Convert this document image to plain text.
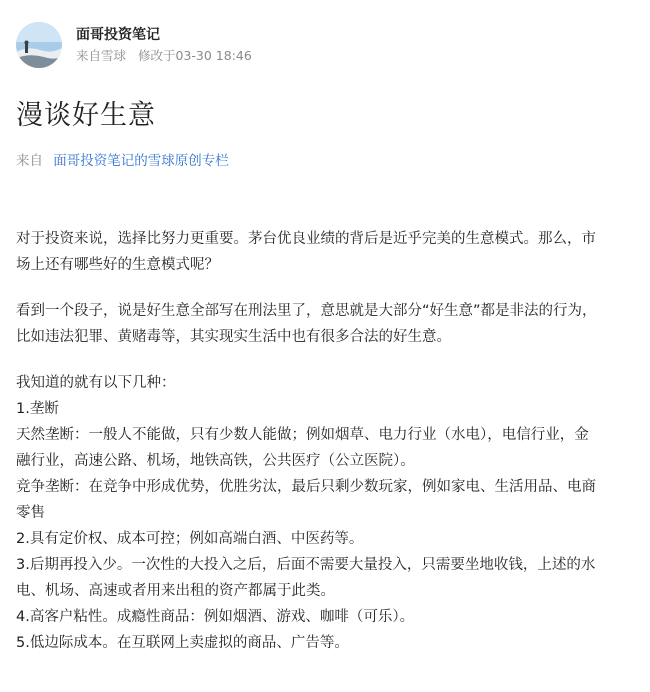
面哥投资笔记
来自雪球 修改于03-30 18:46
漫谈好生意
来自 面哥投资笔记的雪球原创专栏
对于投资来说，选择比努力更重要。茅台优良业绩的背后是近乎完美的生意模式。那么，市
场上还有哪些好的生意模式呢？
看到一个段子，说是好生意全部写在刑法里了，意思就是大部分“好生意”都是非法的行为，
比如违法犯罪、黄赌毒等，其实现实生活中也有很多合法的好生意。
我知道的就有以下几种：
1.垄断
天然垄断：一般人不能做，只有少数人能做；例如烟草、电力行业（水电），电信行业，金
融行业，高速公路、机场，地铁高铁，公共医疗（公立医院）。
竞争垄断：在竞争中形成优势，优胜劣汰，最后只剩少数玩家，例如家电、生活用品、电商
零售
2.具有定价权、成本可控；例如高端白酒、中医药等。
3.后期再投入少。一次性的大投入之后，后面不需要大量投入，只需要坐地收钱，上述的水
电、机场、高速或者用来出租的资产都属于此类。
4.高客户粘性。成瘾性商品：例如烟酒、游戏、咖啡（可乐）。
5.低边际成本。在互联网上卖虚拟的商品、广告等。
